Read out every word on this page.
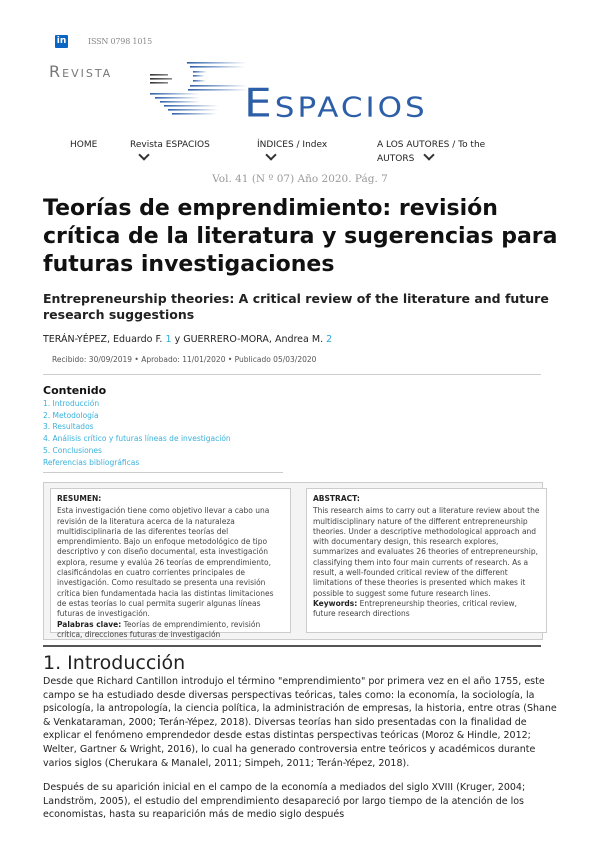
in	ISSN 0798 1015
Revista
Espacios
HOME	Revista ESPACIOS	ÍNDICES / Index	A LOS AUTORES / To the
AUTORS
Vol. 41 (N º 07) Año 2020. Pág. 7
Teorías de emprendimiento: revisión crítica de la literatura y sugerencias para futuras investigaciones
Entrepreneurship theories: A critical review of the literature and future research suggestions
TERÁN-YÉPEZ, Eduardo F. 1 y GUERRERO-MORA, Andrea M. 2
Recibido: 30/09/2019 • Aprobado: 11/01/2020 • Publicado 05/03/2020
Contenido
1. Introducción
2. Metodología
3. Resultados
4. Análisis crítico y futuras líneas de investigación
5. Conclusiones
Referencias bibliográficas
RESUMEN:
Esta investigación tiene como objetivo llevar a cabo una revisión de la literatura acerca de la naturaleza multidisciplinaria de las diferentes teorías del emprendimiento. Bajo un enfoque metodológico de tipo descriptivo y con diseño documental, esta investigación explora, resume y evalúa 26 teorías de emprendimiento, clasificándolas en cuatro corrientes principales de investigación. Como resultado se presenta una revisión crítica bien fundamentada hacia las distintas limitaciones de estas teorías lo cual permita sugerir algunas líneas futuras de investigación.
Palabras clave: Teorías de emprendimiento, revisión crítica, direcciones futuras de investigación
ABSTRACT:
This research aims to carry out a literature review about the multidisciplinary nature of the different entrepreneurship theories. Under a descriptive methodological approach and with documentary design, this research explores, summarizes and evaluates 26 theories of entrepreneurship, classifying them into four main currents of research. As a result, a well-founded critical review of the different limitations of these theories is presented which makes it possible to suggest some future research lines.
Keywords: Entrepreneurship theories, critical review, future research directions
1. Introducción

Desde que Richard Cantillon introdujo el término "emprendimiento" por primera vez en el año 1755, este campo se ha estudiado desde diversas perspectivas teóricas, tales como: la economía, la sociología, la psicología, la antropología, la ciencia política, la administración de empresas, la historia, entre otras (Shane & Venkataraman, 2000; Terán-Yépez, 2018). Diversas teorías han sido presentadas con la finalidad de explicar el fenómeno emprendedor desde estas distintas perspectivas teóricas (Moroz & Hindle, 2012; Welter, Gartner & Wright, 2016), lo cual ha generado controversia entre teóricos y académicos durante varios siglos (Cherukara & Manalel, 2011; Simpeh, 2011; Terán-Yépez, 2018).

Después de su aparición inicial en el campo de la economía a mediados del siglo XVIII (Kruger, 2004; Landström, 2005), el estudio del emprendimiento desapareció por largo tiempo de la atención de los economistas, hasta su reaparición más de medio siglo después
